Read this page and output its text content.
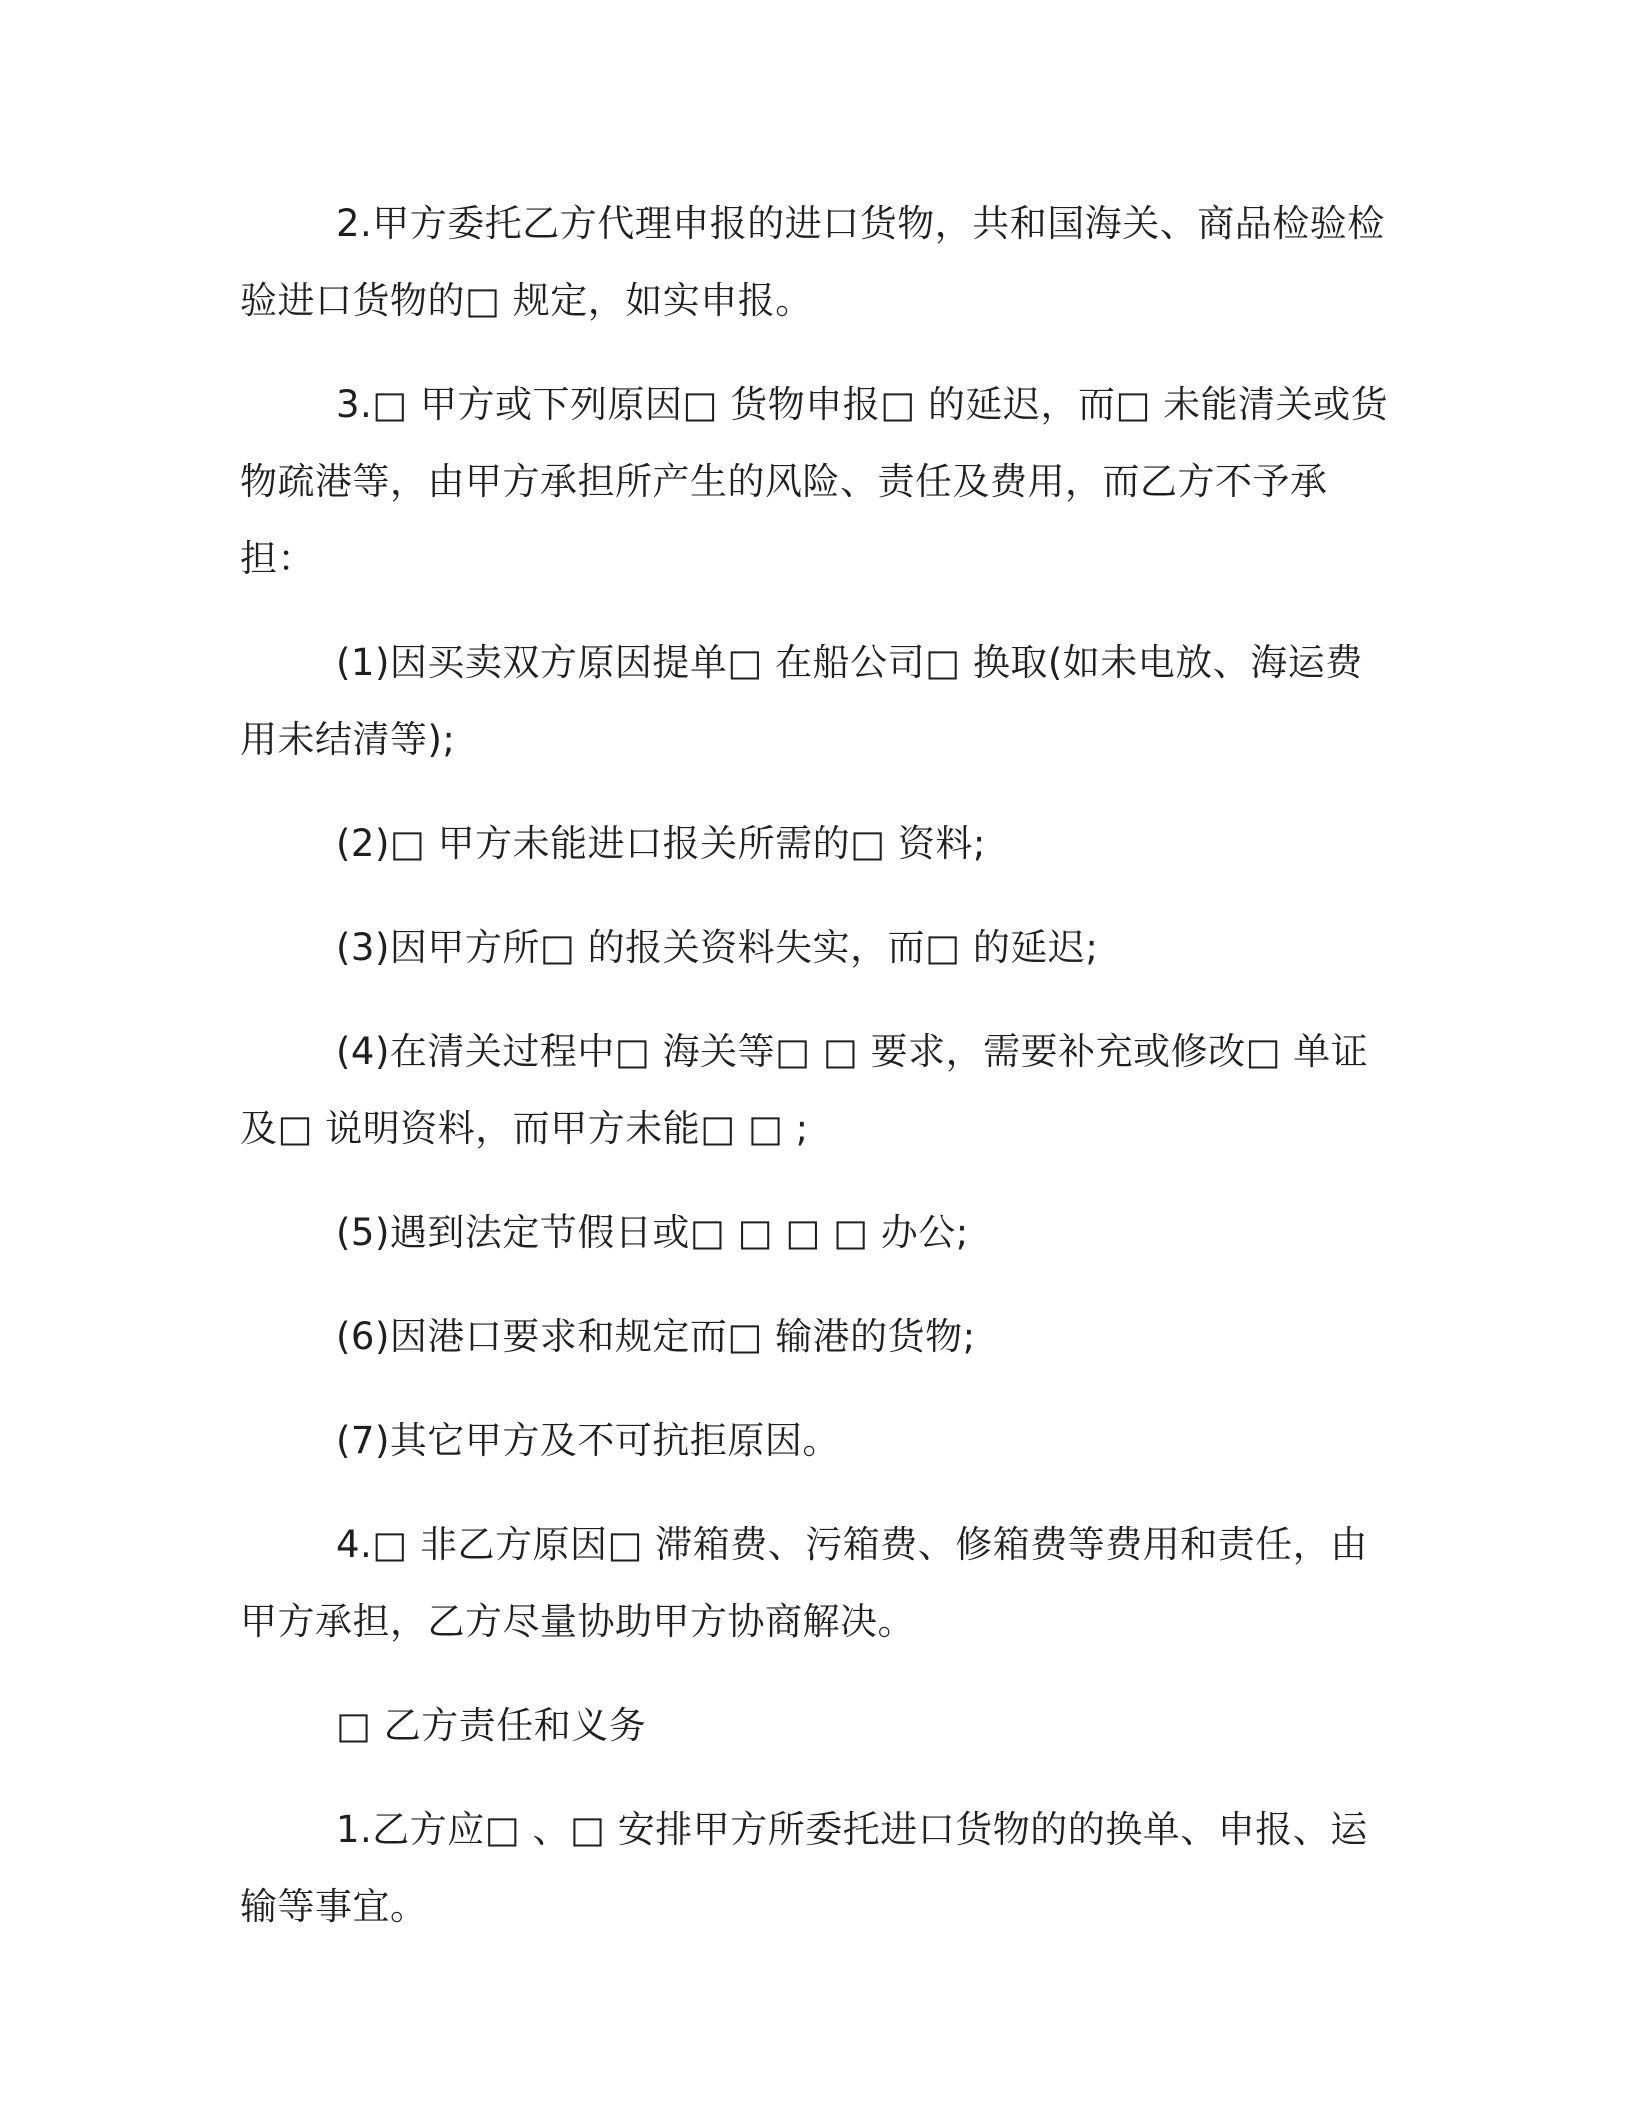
2.甲方委托乙方代理申报的进口货物，共和国海关、商品检验检验进口货物的□ 规定，如实申报。

3.□ 甲方或下列原因□ 货物申报□ 的延迟，而□ 未能清关或货物疏港等，由甲方承担所产生的风险、责任及费用，而乙方不予承担：

(1)因买卖双方原因提单□ 在船公司□ 换取(如未电放、海运费用未结清等);

(2)□ 甲方未能进口报关所需的□ 资料;

(3)因甲方所□ 的报关资料失实，而□ 的延迟;

(4)在清关过程中□ 海关等□ □ 要求，需要补充或修改□ 单证及□ 说明资料，而甲方未能□ □ ;

(5)遇到法定节假日或□ □ □ □ 办公;

(6)因港口要求和规定而□ 输港的货物;

(7)其它甲方及不可抗拒原因。

4.□ 非乙方原因□ 滞箱费、污箱费、修箱费等费用和责任，由甲方承担，乙方尽量协助甲方协商解决。

□ 乙方责任和义务

1.乙方应□ 、□ 安排甲方所委托进口货物的的换单、申报、运输等事宜。
